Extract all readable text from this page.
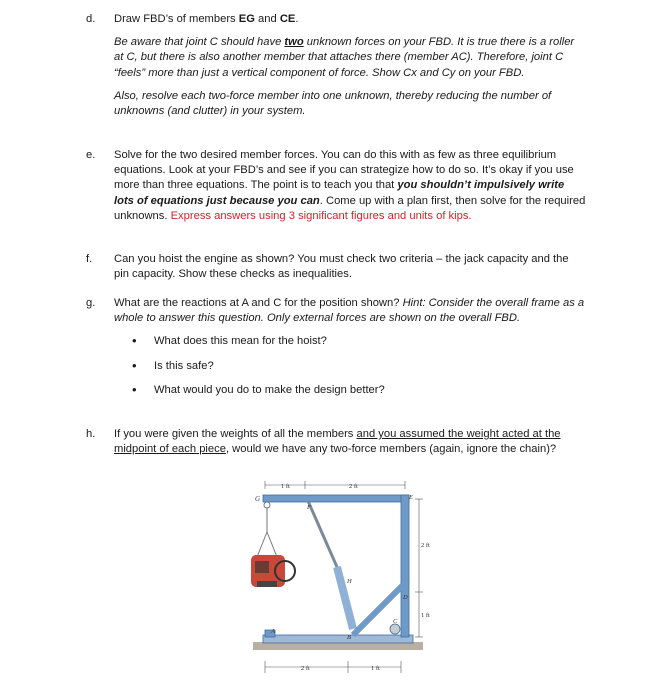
d. Draw FBD’s of members EG and CE.

Be aware that joint C should have two unknown forces on your FBD. It is true there is a roller at C, but there is also another member that attaches there (member AC). Therefore, joint C “feels” more than just a vertical component of force. Show Cx and Cy on your FBD.

Also, resolve each two-force member into one unknown, thereby reducing the number of unknowns (and clutter) in your system.

e. Solve for the two desired member forces. You can do this with as few as three equilibrium equations. Look at your FBD’s and see if you can strategize how to do so. It’s okay if you use more than three equations. The point is to teach you that you shouldn’t impulsively write lots of equations just because you can. Come up with a plan first, then solve for the required unknowns. Express answers using 3 significant figures and units of kips.

f. Can you hoist the engine as shown? You must check two criteria – the jack capacity and the pin capacity. Show these checks as inequalities.

g. What are the reactions at A and C for the position shown? Hint: Consider the overall frame as a whole to answer this question. Only external forces are shown on the overall FBD.

• What does this mean for the hoist?
• Is this safe?
• What would you do to make the design better?
h. If you were given the weights of all the members and you assumed the weight acted at the midpoint of each piece, would we have any two-force members (again, ignore the chain)?

1 ft	2 ft
2 ft
1 ft
2 ft	1 ft
G
F
E
H
D
B
A
C
